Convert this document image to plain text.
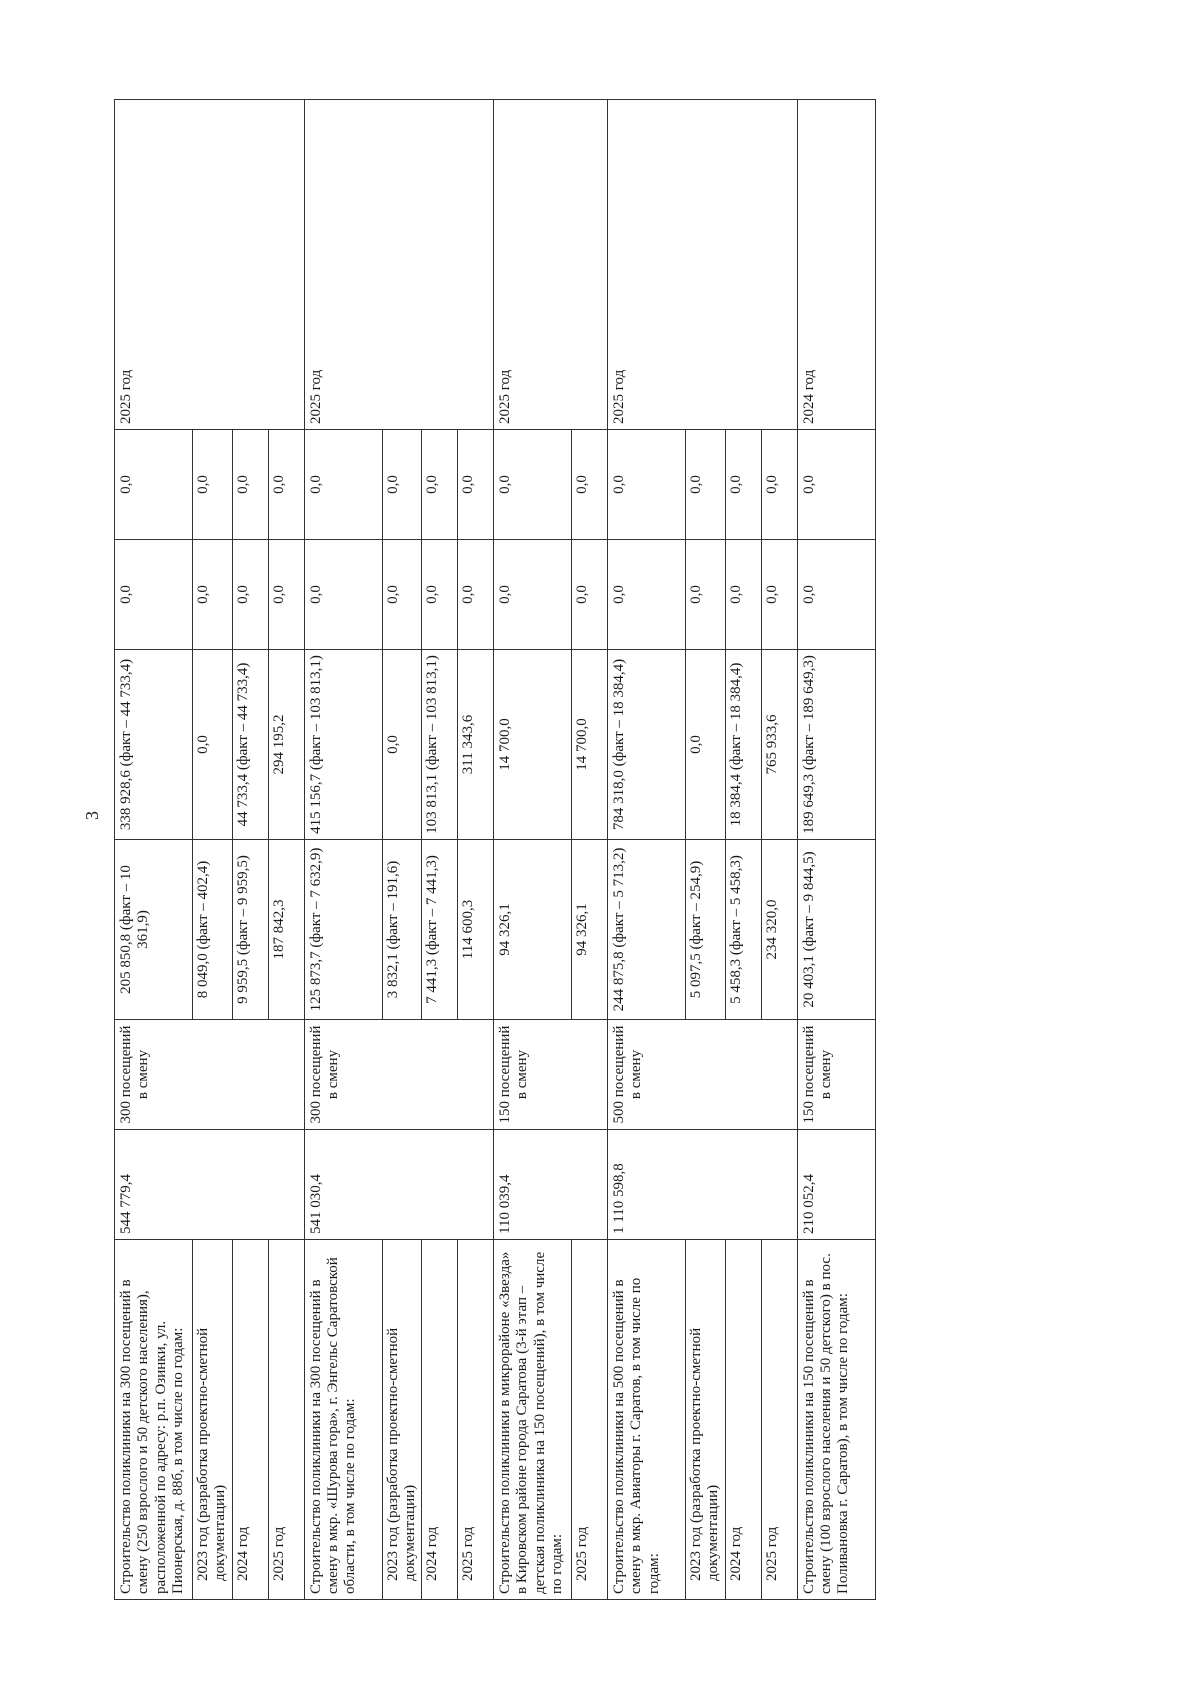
3
Строительство поликлиники на 300 посещений в смену (250 взрослого и 50 детского населения), расположенной по адресу: р.п. Озинки, ул. Пионерская, д. 88б, в том числе по годам:	544 779,4	300 посещений в смену	205 850,8 (факт – 10 361,9)	338 928,6 (факт – 44 733,4)	0,0	0,0	2025 год
2023 год (разработка проектно-сметной документации)			8 049,0 (факт – 402,4)	0,0	0,0	0,0	
2024 год			9 959,5 (факт – 9 959,5)	44 733,4 (факт – 44 733,4)	0,0	0,0	
2025 год			187 842,3	294 195,2	0,0	0,0	
Строительство поликлиники на 300 посещений в смену в мкр. «Шурова гора», г. Энгельс Саратовской области, в том числе по годам:	541 030,4	300 посещений в смену	125 873,7 (факт – 7 632,9)	415 156,7 (факт – 103 813,1)	0,0	0,0	2025 год
2023 год (разработка проектно-сметной документации)			3 832,1 (факт – 191,6)	0,0	0,0	0,0	
2024 год			7 441,3 (факт – 7 441,3)	103 813,1 (факт – 103 813,1)	0,0	0,0	
2025 год			114 600,3	311 343,6	0,0	0,0	
Строительство поликлиники в микрорайоне «Звезда» в Кировском районе города Саратова (3-й этап – детская поликлиника на 150 посещений), в том числе по годам:	110 039,4	150 посещений в смену	94 326,1	14 700,0	0,0	0,0	2025 год
2025 год			94 326,1	14 700,0	0,0	0,0	
Строительство поликлиники на 500 посещений в смену в мкр. Авиаторы г. Саратов, в том числе по годам:	1 110 598,8	500 посещений в смену	244 875,8 (факт – 5 713,2)	784 318,0 (факт – 18 384,4)	0,0	0,0	2025 год
2023 год (разработка проектно-сметной документации)			5 097,5 (факт – 254,9)	0,0	0,0	0,0	
2024 год			5 458,3 (факт – 5 458,3)	18 384,4 (факт – 18 384,4)	0,0	0,0	
2025 год			234 320,0	765 933,6	0,0	0,0	
Строительство поликлиники на 150 посещений в смену (100 взрослого населения и 50 детского) в пос. Поливановка г. Саратов), в том числе по годам:	210 052,4	150 посещений в смену	20 403,1 (факт – 9 844,5)	189 649,3 (факт – 189 649,3)	0,0	0,0	2024 год
